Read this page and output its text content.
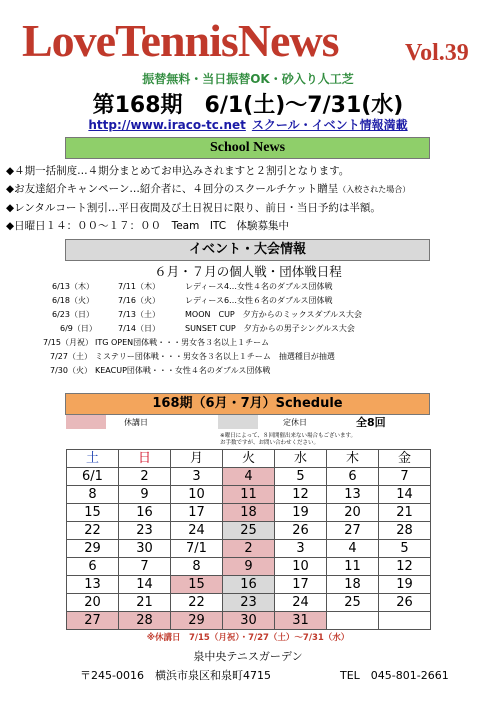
LoveTennisNews	Vol.39
振替無料・当日振替OK・砂入り人工芝
第168期　6/1(土)～7/31(水)
http://www.iraco-tc.net スクール・イベント情報満載
School News
◆４期一括制度…４期分まとめてお申込みされますと２割引となります。
◆お友達紹介キャンペーン…紹介者に、４回分のスクールチケット贈呈（入校された場合）
◆レンタルコート割引…平日夜間及び土日祝日に限り、前日・当日予約は半額。
◆日曜日１４：００～１７：００　Team　ITC　体験募集中
イベント・大会情報
６月・７月の個人戦・団体戦日程
6/13（木）	7/11（木）	レディース4…女性４名のダブルス団体戦
6/18（火）	7/16（火）	レディース6…女性６名のダブルス団体戦
6/23（日）	7/13（土）	MOON　CUP　夕方からのミックスダブルス大会
6/9（日）	7/14（日）	SUNSET CUP　夕方からの男子シングルス大会
7/15（月祝） ITG OPEN団体戦・・・男女各３名以上１チーム
7/27（土） ミステリー団体戦・・・男女各３名以上１チーム　抽選種目が抽選
7/30（火） KEACUP団体戦・・・女性４名のダブルス団体戦
168期（6月・7月）Schedule
休講日	定休日	全8回
※曜日によって、８回開催出来ない場合もございます。
お手数ですが、お問い合わせください。
土	日	月	火	水	木	金
6/1	2	3	4	5	6	7
8	9	10	11	12	13	14
15	16	17	18	19	20	21
22	23	24	25	26	27	28
29	30	7/1	2	3	4	5
6	7	8	9	10	11	12
13	14	15	16	17	18	19
20	21	22	23	24	25	26
27	28	29	30	31		
※休講日　7/15（月祝）・7/27（土）～7/31（水）
泉中央テニスガーデン
〒245-0016　横浜市泉区和泉町4715	TEL　045-801-2661
